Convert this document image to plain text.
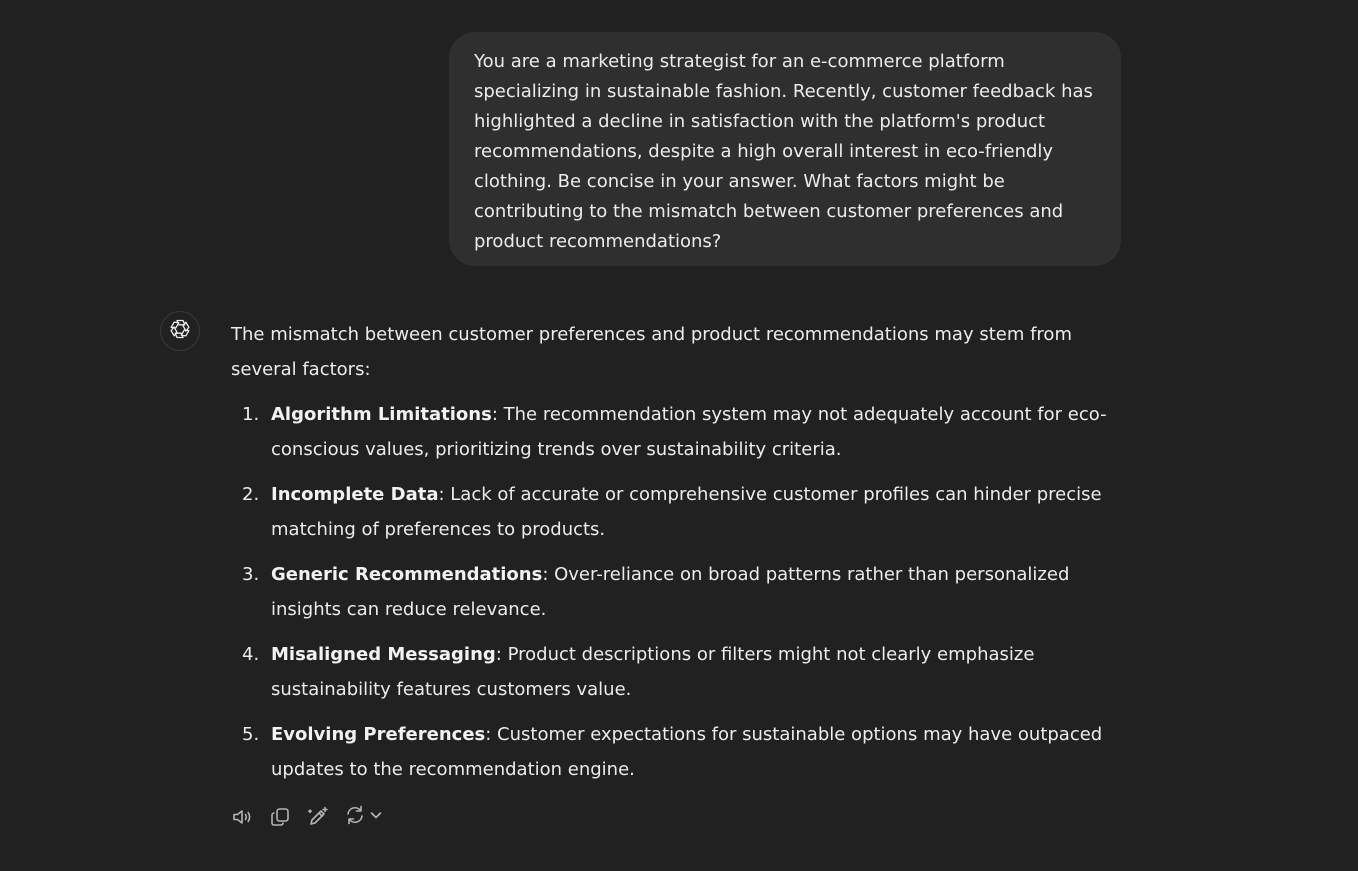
You are a marketing strategist for an e-commerce platform specializing in sustainable fashion. Recently, customer feedback has highlighted a decline in satisfaction with the platform's product recommendations, despite a high overall interest in eco-friendly clothing. Be concise in your answer. What factors might be contributing to the mismatch between customer preferences and product recommendations?

The mismatch between customer preferences and product recommendations may stem from several factors:

1. Algorithm Limitations: The recommendation system may not adequately account for eco-conscious values, prioritizing trends over sustainability criteria.
2. Incomplete Data: Lack of accurate or comprehensive customer profiles can hinder precise matching of preferences to products.
3. Generic Recommendations: Over-reliance on broad patterns rather than personalized insights can reduce relevance.
4. Misaligned Messaging: Product descriptions or filters might not clearly emphasize sustainability features customers value.
5. Evolving Preferences: Customer expectations for sustainable options may have outpaced updates to the recommendation engine.
